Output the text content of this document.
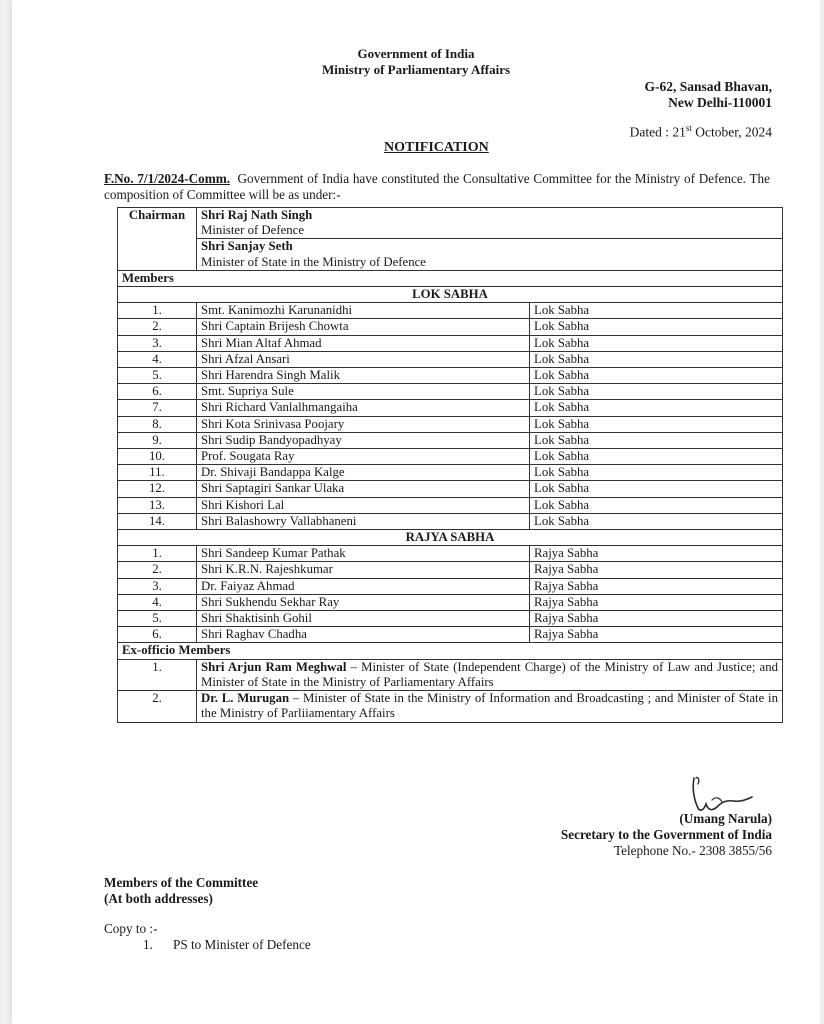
Government of India
Ministry of Parliamentary Affairs
G-62, Sansad Bhavan,
New Delhi-110001
Dated : 21st October, 2024
NOTIFICATION
F.No. 7/1/2024-Comm. Government of India have constituted the Consultative Committee for the Ministry of Defence. The composition of Committee will be as under:-
Chairman	Shri Raj Nath Singh
Minister of Defence	

	Shri Sanjay Seth
Minister of State in the Ministry of Defence	

Members		
LOK SABHA		
1.	Smt. Kanimozhi Karunanidhi	Lok Sabha
2.	Shri Captain Brijesh Chowta	Lok Sabha
3.	Shri Mian Altaf Ahmad	Lok Sabha
4.	Shri Afzal Ansari	Lok Sabha
5.	Shri Harendra Singh Malik	Lok Sabha
6.	Smt. Supriya Sule	Lok Sabha
7.	Shri Richard Vanlalhmangaiha	Lok Sabha
8.	Shri Kota Srinivasa Poojary	Lok Sabha
9.	Shri Sudip Bandyopadhyay	Lok Sabha
10.	Prof. Sougata Ray	Lok Sabha
11.	Dr. Shivaji Bandappa Kalge	Lok Sabha
12.	Shri Saptagiri Sankar Ulaka	Lok Sabha
13.	Shri Kishori Lal	Lok Sabha
14.	Shri Balashowry Vallabhaneni	Lok Sabha
RAJYA SABHA		
1.	Shri Sandeep Kumar Pathak	Rajya Sabha
2.	Shri K.R.N. Rajeshkumar	Rajya Sabha
3.	Dr. Faiyaz Ahmad	Rajya Sabha
4.	Shri Sukhendu Sekhar Ray	Rajya Sabha
5.	Shri Shaktisinh Gohil	Rajya Sabha
6.	Shri Raghav Chadha	Rajya Sabha
Ex-officio Members		
1.	Shri Arjun Ram Meghwal – Minister of State (Independent Charge) of the Ministry of Law and Justice; and Minister of State in the Ministry of Parliamentary Affairs	
2.	Dr. L. Murugan – Minister of State in the Ministry of Information and Broadcasting ; and Minister of State in the Ministry of Parliiamentary Affairs	
(Umang Narula)
Secretary to the Government of India
Telephone No.- 2308 3855/56
Members of the Committee
(At both addresses)
Copy to :-
1. PS to Minister of Defence
